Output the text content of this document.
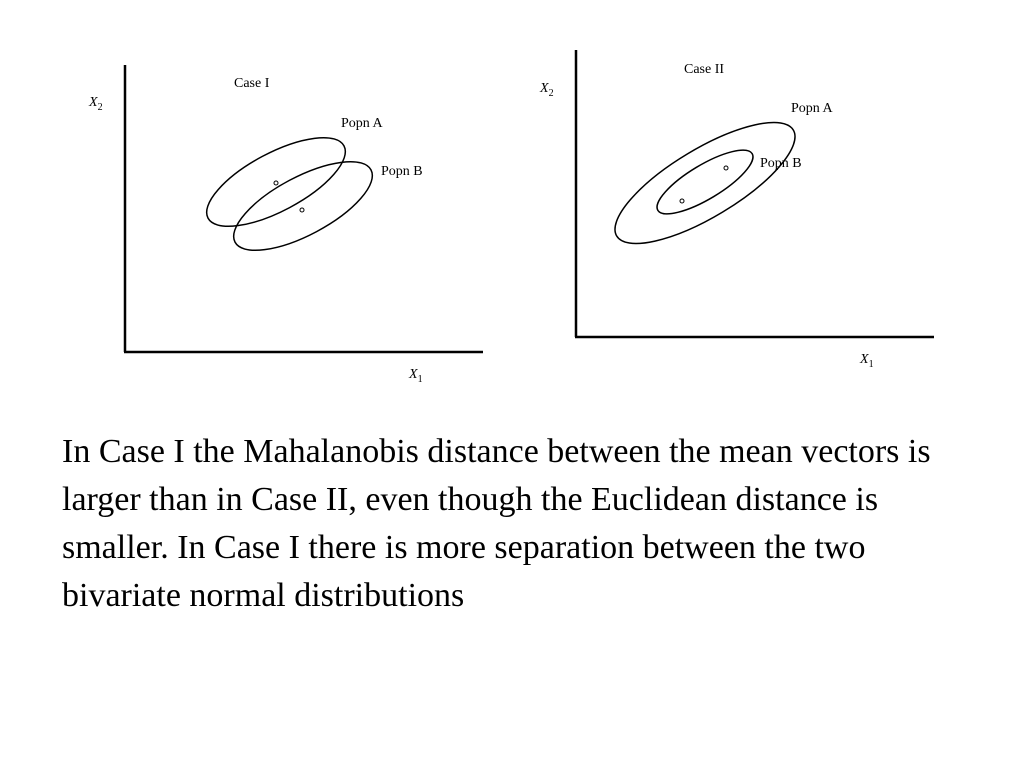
Case I
$X_2$
$X_1$
Popn A
Popn B
Case II
$X_2$
$X_1$
Popn A
Popn B

In Case I the Mahalanobis distance between the mean vectors is larger than in Case II, even though the Euclidean distance is smaller. In Case I there is more separation between the two bivariate normal distributions
